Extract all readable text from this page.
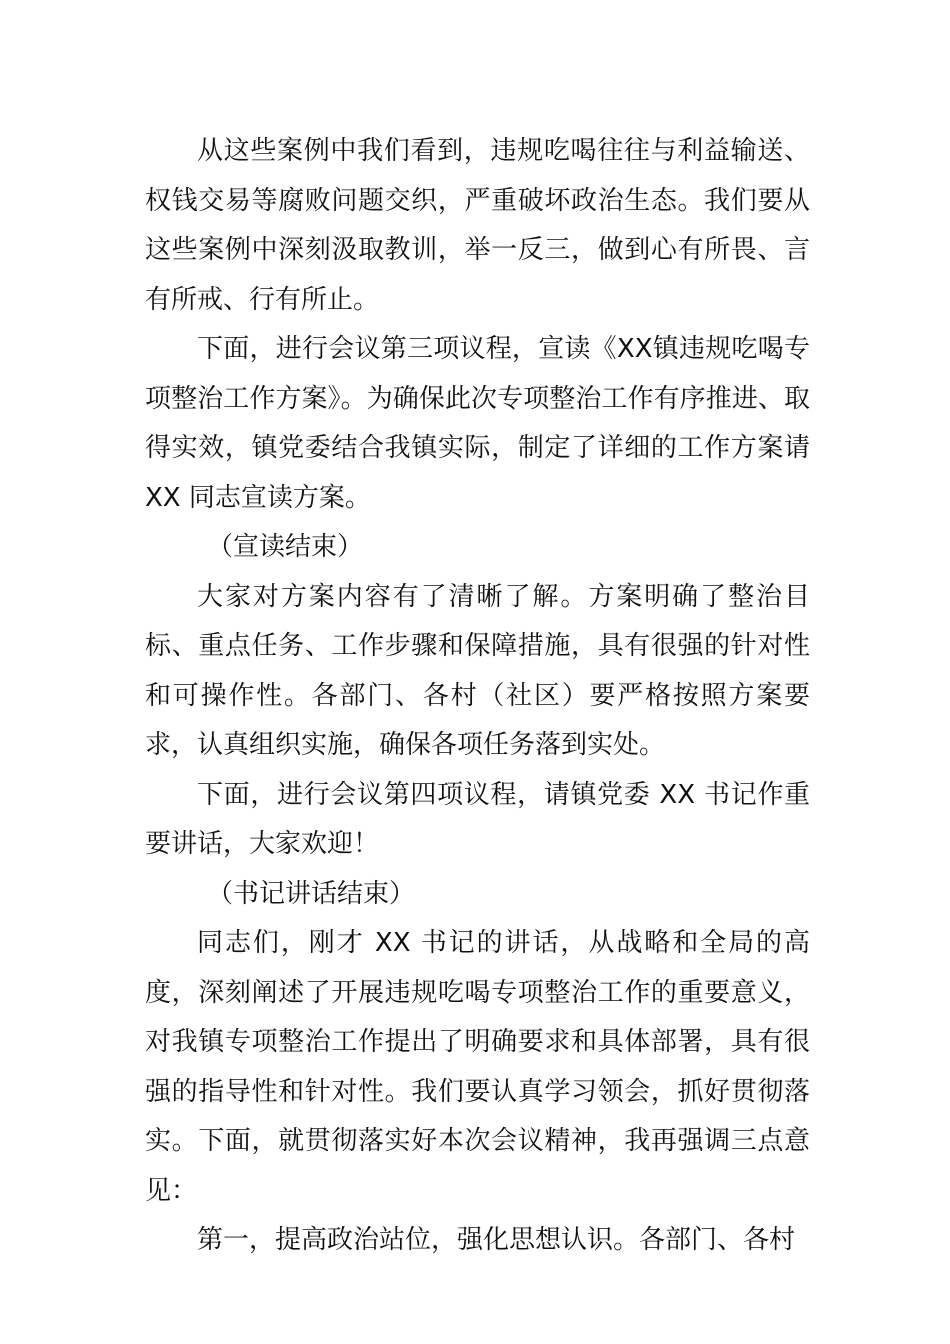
从这些案例中我们看到，违规吃喝往往与利益输送、权钱交易等腐败问题交织，严重破坏政治生态。我们要从这些案例中深刻汲取教训，举一反三，做到心有所畏、言有所戒、行有所止。

下面，进行会议第三项议程，宣读《XX镇违规吃喝专项整治工作方案》。为确保此次专项整治工作有序推进、取得实效，镇党委结合我镇实际，制定了详细的工作方案请 XX 同志宣读方案。

（宣读结束）

大家对方案内容有了清晰了解。方案明确了整治目标、重点任务、工作步骤和保障措施，具有很强的针对性和可操作性。各部门、各村（社区）要严格按照方案要求，认真组织实施，确保各项任务落到实处。

下面，进行会议第四项议程，请镇党委 XX 书记作重要讲话，大家欢迎！

（书记讲话结束）

同志们，刚才 XX 书记的讲话，从战略和全局的高度，深刻阐述了开展违规吃喝专项整治工作的重要意义，对我镇专项整治工作提出了明确要求和具体部署，具有很强的指导性和针对性。我们要认真学习领会，抓好贯彻落实。下面，就贯彻落实好本次会议精神，我再强调三点意见：

第一，提高政治站位，强化思想认识。各部门、各村
